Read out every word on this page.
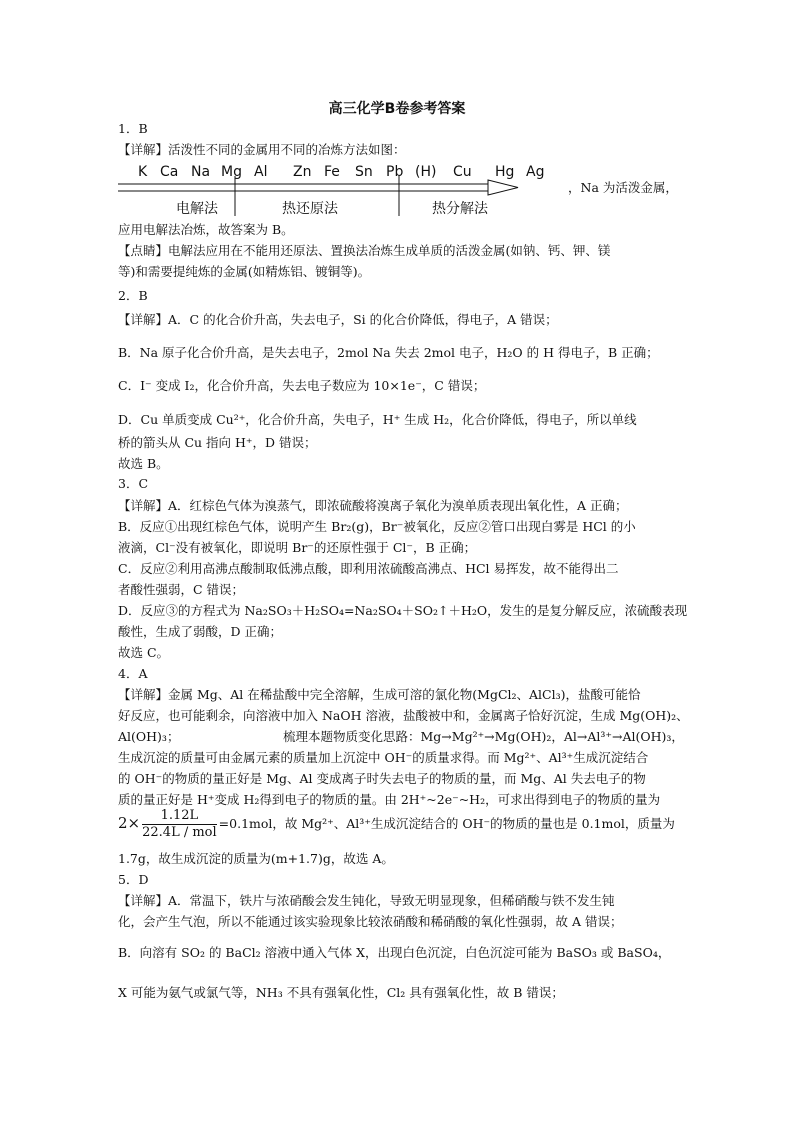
高三化学B卷参考答案
1．B
【详解】活泼性不同的金属用不同的冶炼方法如图：
K Ca Na Mg Al Zn Fe Sn Pb (H) Cu Hg Ag
电解法	热还原法	热分解法
，Na 为活泼金属，
应用电解法冶炼，故答案为 B。
【点睛】电解法应用在不能用还原法、置换法冶炼生成单质的活泼金属(如钠、钙、钾、镁
等)和需要提纯炼的金属(如精炼铝、镀铜等)。
2．B
【详解】A．C 的化合价升高，失去电子，Si 的化合价降低，得电子，A 错误；
B．Na 原子化合价升高，是失去电子，2mol Na 失去 2mol 电子，H₂O 的 H 得电子，B 正确；
C．I⁻ 变成 I₂，化合价升高，失去电子数应为 10×1e⁻，C 错误；
D．Cu 单质变成 Cu²⁺，化合价升高，失电子，H⁺ 生成 H₂，化合价降低，得电子，所以单线
桥的箭头从 Cu 指向 H⁺，D 错误；
故选 B。
3．C
【详解】A．红棕色气体为溴蒸气，即浓硫酸将溴离子氧化为溴单质表现出氧化性，A 正确；
B．反应①出现红棕色气体，说明产生 Br₂(g)，Br⁻被氧化，反应②管口出现白雾是 HCl 的小
液滴，Cl⁻没有被氧化，即说明 Br⁻的还原性强于 Cl⁻，B 正确；
C．反应②利用高沸点酸制取低沸点酸，即利用浓硫酸高沸点、HCl 易挥发，故不能得出二
者酸性强弱，C 错误；
D．反应③的方程式为 Na₂SO₃＋H₂SO₄=Na₂SO₄＋SO₂↑＋H₂O，发生的是复分解反应，浓硫酸表现
酸性，生成了弱酸，D 正确；
故选 C。
4．A
【详解】金属 Mg、Al 在稀盐酸中完全溶解，生成可溶的氯化物(MgCl₂、AlCl₃)，盐酸可能恰
好反应，也可能剩余，向溶液中加入 NaOH 溶液，盐酸被中和，金属离子恰好沉淀，生成 Mg(OH)₂、
Al(OH)₃；	梳理本题物质变化思路：Mg→Mg²⁺→Mg(OH)₂，Al→Al³⁺→Al(OH)₃，
生成沉淀的质量可由金属元素的质量加上沉淀中 OH⁻的质量求得。而 Mg²⁺、Al³⁺生成沉淀结合
的 OH⁻的物质的量正好是 Mg、Al 变成离子时失去电子的物质的量，而 Mg、Al 失去电子的物
质的量正好是 H⁺变成 H₂得到电子的物质的量。由 2H⁺~2e⁻~H₂，可求出得到电子的物质的量为
$2\times \frac{1.12L}{\text{22.4L / mol}} =0.1mol$，故 Mg²⁺、Al³⁺生成沉淀结合的 OH⁻的物质的量也是 0.1mol，质量为
1.7g，故生成沉淀的质量为(m+1.7)g，故选 A。
5．D
【详解】A．常温下，铁片与浓硝酸会发生钝化，导致无明显现象，但稀硝酸与铁不发生钝
化，会产生气泡，所以不能通过该实验现象比较浓硝酸和稀硝酸的氧化性强弱，故 A 错误；
B．向溶有 SO₂ 的 BaCl₂ 溶液中通入气体 X，出现白色沉淀，白色沉淀可能为 BaSO₃ 或 BaSO₄，
X 可能为氨气或氯气等，NH₃ 不具有强氧化性，Cl₂ 具有强氧化性，故 B 错误；
